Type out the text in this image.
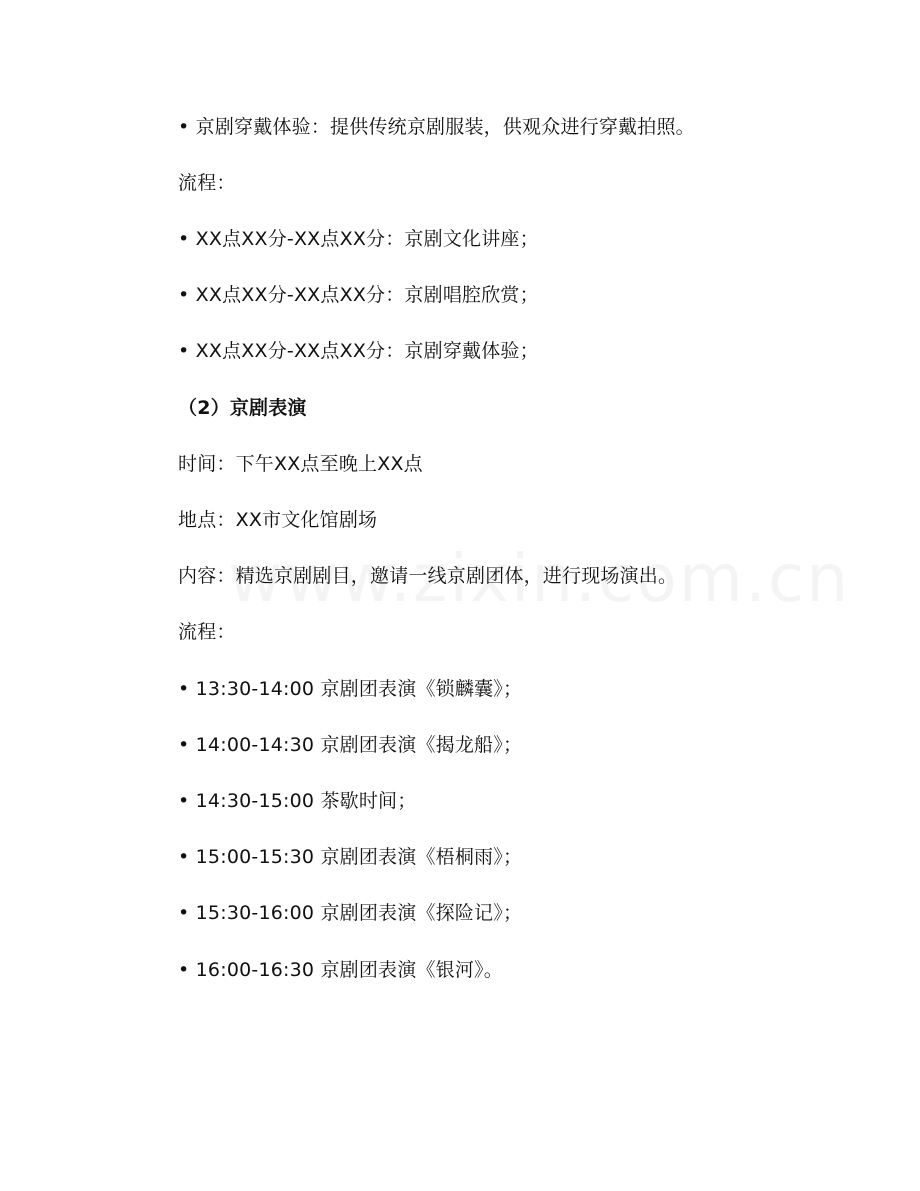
• 京剧穿戴体验：提供传统京剧服装，供观众进行穿戴拍照。
流程：
• XX点XX分-XX点XX分：京剧文化讲座；
• XX点XX分-XX点XX分：京剧唱腔欣赏；
• XX点XX分-XX点XX分：京剧穿戴体验；
（2）京剧表演
时间：下午XX点至晚上XX点
地点：XX市文化馆剧场
内容：精选京剧剧目，邀请一线京剧团体，进行现场演出。
流程：
• 13:30-14:00 京剧团表演《锁麟囊》；
• 14:00-14:30 京剧团表演《揭龙船》；
• 14:30-15:00 茶歇时间；
• 15:00-15:30 京剧团表演《梧桐雨》；
• 15:30-16:00 京剧团表演《探险记》；
• 16:00-16:30 京剧团表演《银河》。
